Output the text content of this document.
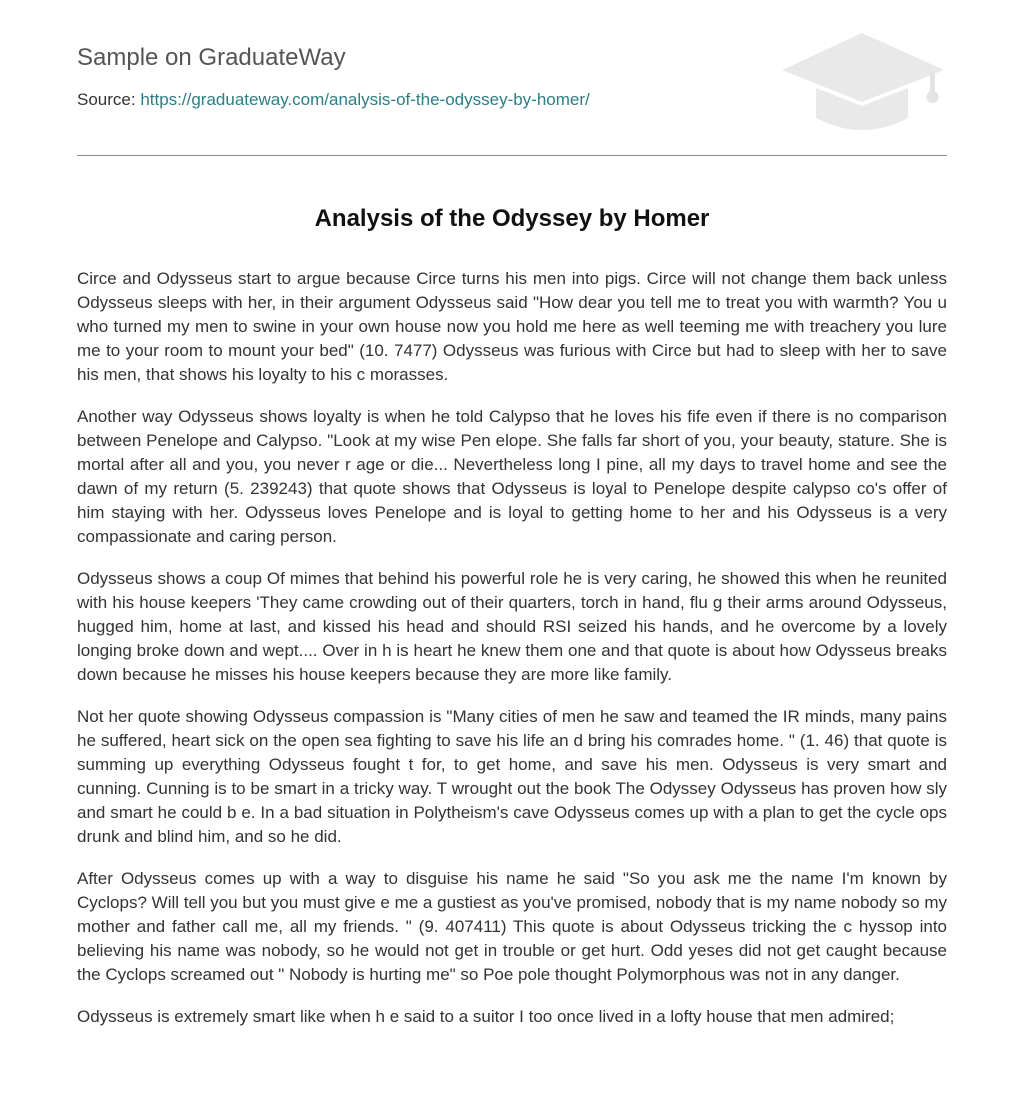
Sample on GraduateWay
Source: https://graduateway.com/analysis-of-the-odyssey-by-homer/
Analysis of the Odyssey by Homer

Circe and Odysseus start to argue because Circe turns his men into pigs. Circe will not change them back unless Odysseus sleeps with her, in their argument Odysseus said "How dear you tell me to treat you with warmth? You u who turned my men to swine in your own house now you hold me here as well teeming me with treachery you lure me to your room to mount your bed" (10. 7477) Odysseus was furious with Circe but had to sleep with her to save his men, that shows his loyalty to his c morasses.

Another way Odysseus shows loyalty is when he told Calypso that he loves his fife even if there is no comparison between Penelope and Calypso. "Look at my wise Pen elope. She falls far short of you, your beauty, stature. She is mortal after all and you, you never r age or die... Nevertheless long I pine, all my days to travel home and see the dawn of my return (5. 239243) that quote shows that Odysseus is loyal to Penelope despite calypso co's offer of him staying with her. Odysseus loves Penelope and is loyal to getting home to her and his Odysseus is a very compassionate and caring person.

Odysseus shows a coup Of mimes that behind his powerful role he is very caring, he showed this when he reunited with his house keepers 'They came crowding out of their quarters, torch in hand, flu g their arms around Odysseus, hugged him, home at last, and kissed his head and should RSI seized his hands, and he overcome by a lovely longing broke down and wept.... Over in h is heart he knew them one and that quote is about how Odysseus breaks down because he misses his house keepers because they are more like family.

Not her quote showing Odysseus compassion is "Many cities of men he saw and teamed the IR minds, many pains he suffered, heart sick on the open sea fighting to save his life an d bring his comrades home. " (1. 46) that quote is summing up everything Odysseus fought t for, to get home, and save his men. Odysseus is very smart and cunning. Cunning is to be smart in a tricky way. T wrought out the book The Odyssey Odysseus has proven how sly and smart he could b e. In a bad situation in Polytheism's cave Odysseus comes up with a plan to get the cycle ops drunk and blind him, and so he did.

After Odysseus comes up with a way to disguise his name he said "So you ask me the name I'm known by Cyclops? Will tell you but you must give e me a gustiest as you've promised, nobody that is my name nobody so my mother and father call me, all my friends. " (9. 407411) This quote is about Odysseus tricking the c hyssop into believing his name was nobody, so he would not get in trouble or get hurt. Odd yeses did not get caught because the Cyclops screamed out " Nobody is hurting me" so Poe pole thought Polymorphous was not in any danger.

Odysseus is extremely smart like when h e said to a suitor I too once lived in a lofty house that men admired;
